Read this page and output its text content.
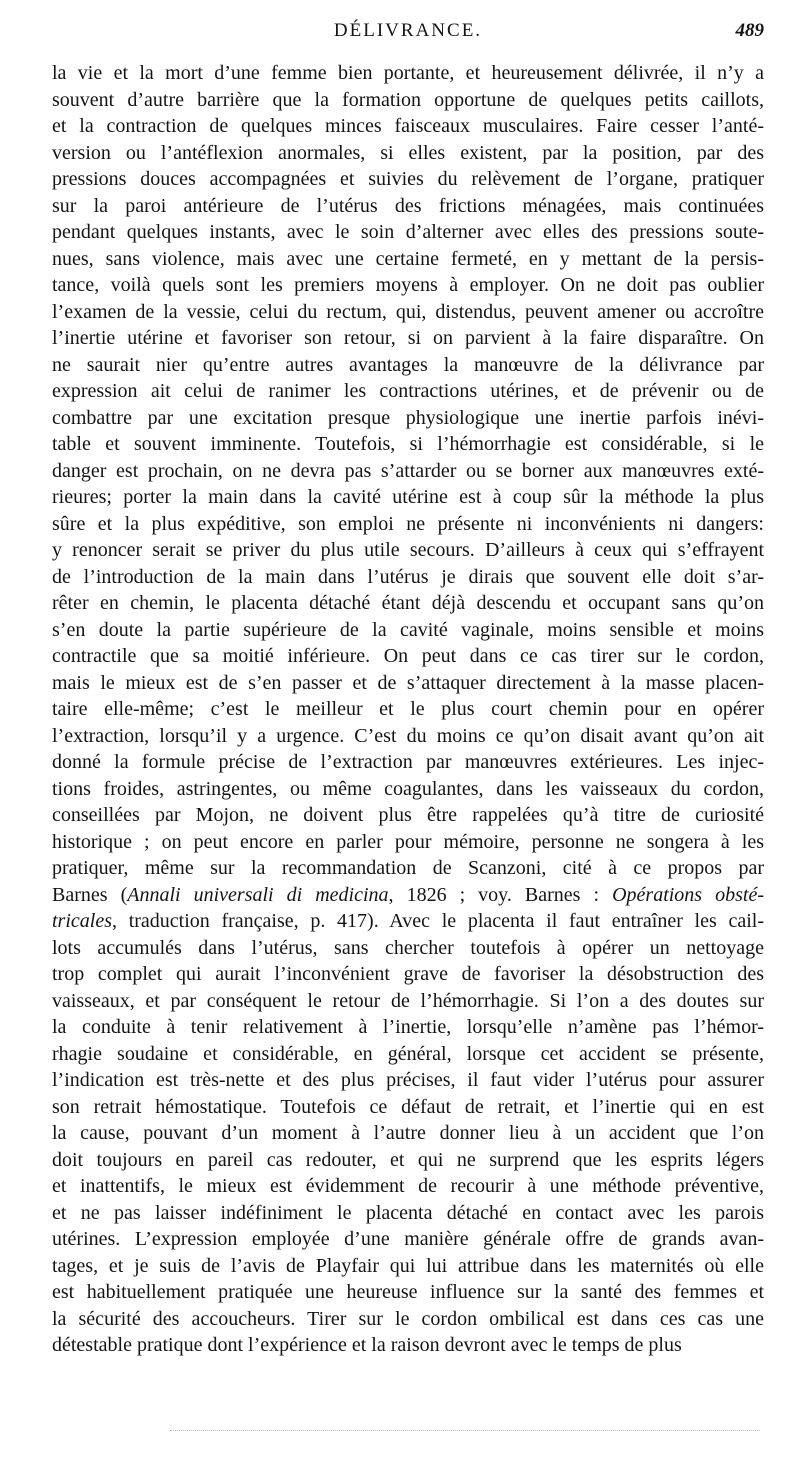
DÉLIVRANCE.	489
la vie et la mort d’une femme bien portante, et heureusement délivrée, il n’y a
souvent d’autre barrière que la formation opportune de quelques petits caillots,
et la contraction de quelques minces faisceaux musculaires. Faire cesser l’anté-
version ou l’antéflexion anormales, si elles existent, par la position, par des
pressions douces accompagnées et suivies du relèvement de l’organe, pratiquer
sur la paroi antérieure de l’utérus des frictions ménagées, mais continuées
pendant quelques instants, avec le soin d’alterner avec elles des pressions soute-
nues, sans violence, mais avec une certaine fermeté, en y mettant de la persis-
tance, voilà quels sont les premiers moyens à employer. On ne doit pas oublier
l’examen de la vessie, celui du rectum, qui, distendus, peuvent amener ou accroître
l’inertie utérine et favoriser son retour, si on parvient à la faire disparaître. On
ne saurait nier qu’entre autres avantages la manœuvre de la délivrance par
expression ait celui de ranimer les contractions utérines, et de prévenir ou de
combattre par une excitation presque physiologique une inertie parfois inévi-
table et souvent imminente. Toutefois, si l’hémorrhagie est considérable, si le
danger est prochain, on ne devra pas s’attarder ou se borner aux manœuvres exté-
rieures; porter la main dans la cavité utérine est à coup sûr la méthode la plus
sûre et la plus expéditive, son emploi ne présente ni inconvénients ni dangers:
y renoncer serait se priver du plus utile secours. D’ailleurs à ceux qui s’effrayent
de l’introduction de la main dans l’utérus je dirais que souvent elle doit s’ar-
rêter en chemin, le placenta détaché étant déjà descendu et occupant sans qu’on
s’en doute la partie supérieure de la cavité vaginale, moins sensible et moins
contractile que sa moitié inférieure. On peut dans ce cas tirer sur le cordon,
mais le mieux est de s’en passer et de s’attaquer directement à la masse placen-
taire elle-même; c’est le meilleur et le plus court chemin pour en opérer
l’extraction, lorsqu’il y a urgence. C’est du moins ce qu’on disait avant qu’on ait
donné la formule précise de l’extraction par manœuvres extérieures. Les injec-
tions froides, astringentes, ou même coagulantes, dans les vaisseaux du cordon,
conseillées par Mojon, ne doivent plus être rappelées qu’à titre de curiosité
historique ; on peut encore en parler pour mémoire, personne ne songera à les
pratiquer, même sur la recommandation de Scanzoni, cité à ce propos par
Barnes (Annali universali di medicina, 1826 ; voy. Barnes : Opérations obsté-
tricales, traduction française, p. 417). Avec le placenta il faut entraîner les cail-
lots accumulés dans l’utérus, sans chercher toutefois à opérer un nettoyage
trop complet qui aurait l’inconvénient grave de favoriser la désobstruction des
vaisseaux, et par conséquent le retour de l’hémorrhagie. Si l’on a des doutes sur
la conduite à tenir relativement à l’inertie, lorsqu’elle n’amène pas l’hémor-
rhagie soudaine et considérable, en général, lorsque cet accident se présente,
l’indication est très-nette et des plus précises, il faut vider l’utérus pour assurer
son retrait hémostatique. Toutefois ce défaut de retrait, et l’inertie qui en est
la cause, pouvant d’un moment à l’autre donner lieu à un accident que l’on
doit toujours en pareil cas redouter, et qui ne surprend que les esprits légers
et inattentifs, le mieux est évidemment de recourir à une méthode préventive,
et ne pas laisser indéfiniment le placenta détaché en contact avec les parois
utérines. L’expression employée d’une manière générale offre de grands avan-
tages, et je suis de l’avis de Playfair qui lui attribue dans les maternités où elle
est habituellement pratiquée une heureuse influence sur la santé des femmes et
la sécurité des accoucheurs. Tirer sur le cordon ombilical est dans ces cas une
détestable pratique dont l’expérience et la raison devront avec le temps de plus
